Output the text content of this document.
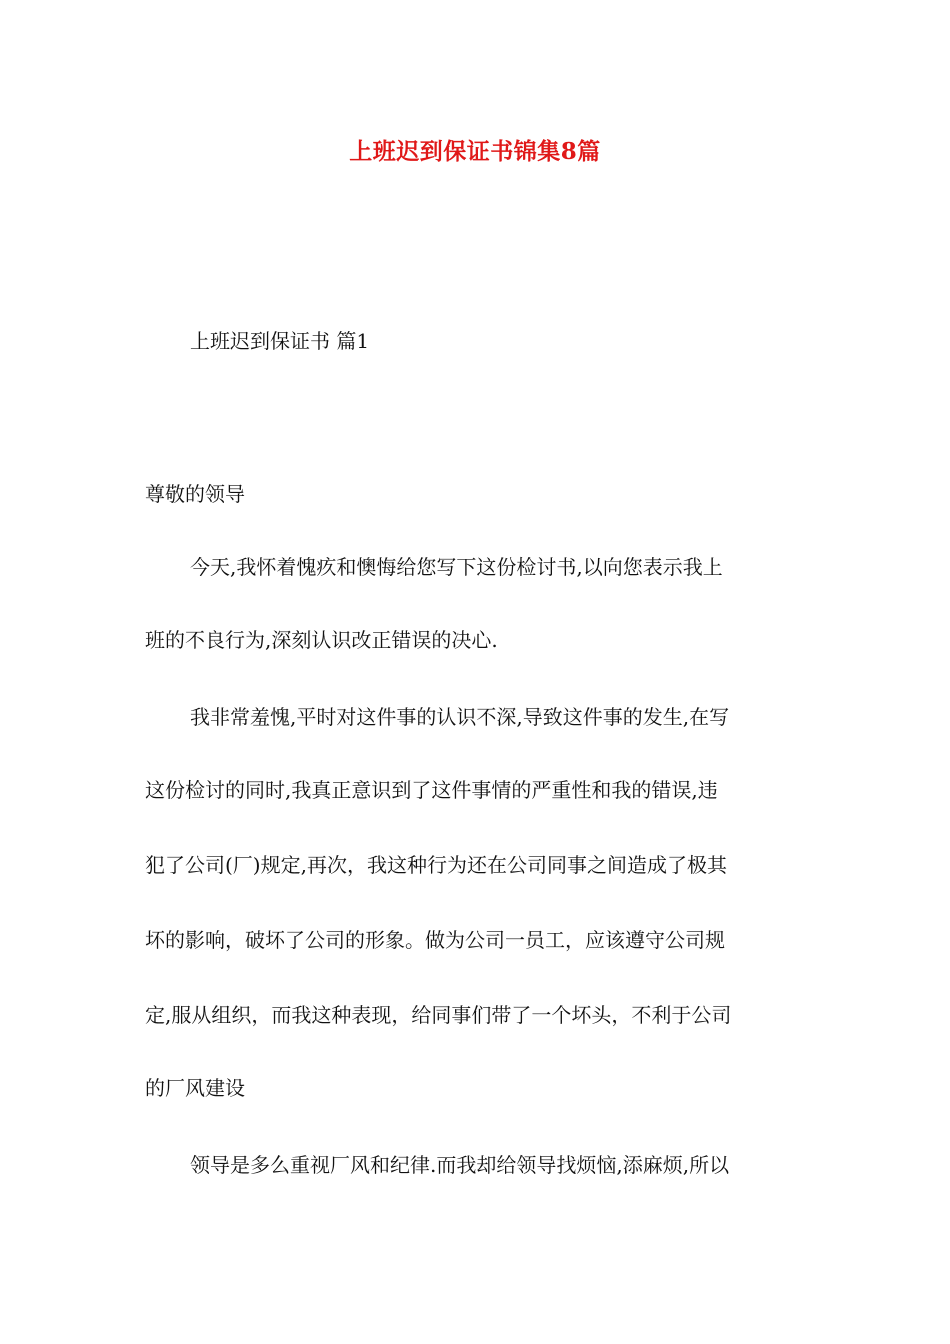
上班迟到保证书锦集8篇
上班迟到保证书 篇1
尊敬的领导
今天,我怀着愧疚和懊悔给您写下这份检讨书,以向您表示我上
班的不良行为,深刻认识改正错误的决心.
我非常羞愧,平时对这件事的认识不深,导致这件事的发生,在写
这份检讨的同时,我真正意识到了这件事情的严重性和我的错误,违
犯了公司(厂)规定,再次，我这种行为还在公司同事之间造成了极其
坏的影响，破坏了公司的形象。做为公司一员工，应该遵守公司规
定,服从组织，而我这种表现，给同事们带了一个坏头，不利于公司
的厂风建设
领导是多么重视厂风和纪律.而我却给领导找烦恼,添麻烦,所以
